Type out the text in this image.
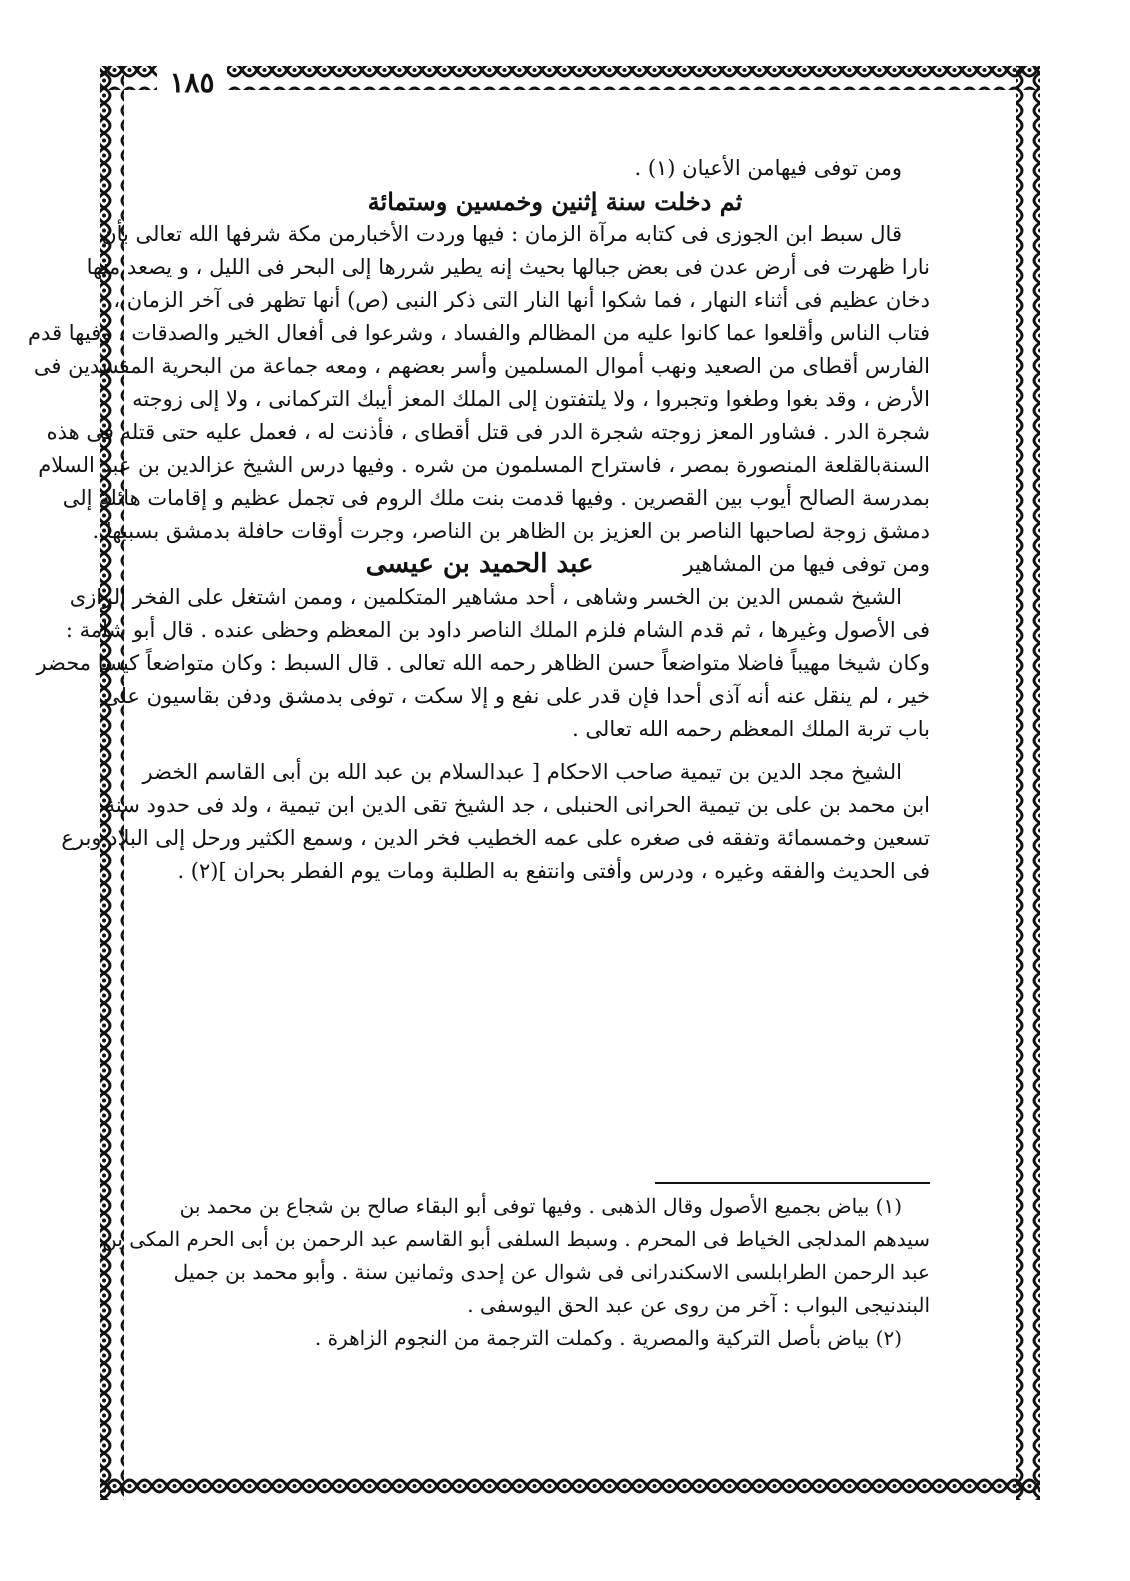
١٨٥
ومن توفى فيهامن الأعيان (١) .
ثم دخلت سنة إثنين وخمسين وستمائة
قال سبط ابن الجوزى فى كتابه مرآة الزمان : فيها وردت الأخبارمن مكة شرفها الله تعالى بأن
نارا ظهرت فى أرض عدن فى بعض جبالها بحيث إنه يطير شررها إلى البحر فى الليل ، و يصعد منها
دخان عظيم فى أثناء النهار ، فما شكوا أنها النار التى ذكر النبى (ص) أنها تظهر فى آخر الزمان ،
فتاب الناس وأقلعوا عما كانوا عليه من المظالم والفساد ، وشرعوا فى أفعال الخير والصدقات . وفيها قدم
الفارس أقطاى من الصعيد ونهب أموال المسلمين وأسر بعضهم ، ومعه جماعة من البحرية المفسدين فى
الأرض ، وقد بغوا وطغوا وتجبروا ، ولا يلتفتون إلى الملك المعز أيبك التركمانى ، ولا إلى زوجته
شجرة الدر . فشاور المعز زوجته شجرة الدر فى قتل أقطاى ، فأذنت له ، فعمل عليه حتى قتله فى هذه
السنةبالقلعة المنصورة بمصر ، فاستراح المسلمون من شره . وفيها درس الشيخ عزالدين بن عبد السلام
بمدرسة الصالح أيوب بين القصرين . وفيها قدمت بنت ملك الروم فى تجمل عظيم و إقامات هائلة إلى
دمشق زوجة لصاحبها الناصر بن العزيز بن الظاهر بن الناصر، وجرت أوقات حافلة بدمشق بسببها .
ومن توفى فيها من المشاهير
عبد الحميد بن عيسى
الشيخ شمس الدين بن الخسر وشاهى ، أحد مشاهير المتكلمين ، وممن اشتغل على الفخر الرازى
فى الأصول وغيرها ، ثم قدم الشام فلزم الملك الناصر داود بن المعظم وحظى عنده . قال أبو شامة :
وكان شيخا مهيباً فاضلا متواضعاً حسن الظاهر رحمه الله تعالى . قال السبط : وكان متواضعاً كيسا محضر
خير ، لم ينقل عنه أنه آذى أحدا فإن قدر على نفع و إلا سكت ، توفى بدمشق ودفن بقاسيون على
باب تربة الملك المعظم رحمه الله تعالى .
الشيخ مجد الدين بن تيمية صاحب الاحكام [ عبدالسلام بن عبد الله بن أبى القاسم الخضر
ابن محمد بن على بن تيمية الحرانى الحنبلى ، جد الشيخ تقى الدين ابن تيمية ، ولد فى حدود سنة
تسعين وخمسمائة وتفقه فى صغره على عمه الخطيب فخر الدين ، وسمع الكثير ورحل إلى البلاد وبرع
فى الحديث والفقه وغيره ، ودرس وأفتى وانتفع به الطلبة ومات يوم الفطر بحران ](٢) .
(١) بياض بجميع الأصول وقال الذهبى . وفيها توفى أبو البقاء صالح بن شجاع بن محمد بن
سيدهم المدلجى الخياط فى المحرم . وسبط السلفى أبو القاسم عبد الرحمن بن أبى الحرم المكى بن
عبد الرحمن الطرابلسى الاسكندرانى فى شوال عن إحدى وثمانين سنة . وأبو محمد بن جميل
البندنيجى البواب : آخر من روى عن عبد الحق اليوسفى .
(٢) بياض بأصل التركية والمصرية . وكملت الترجمة من النجوم الزاهرة .
